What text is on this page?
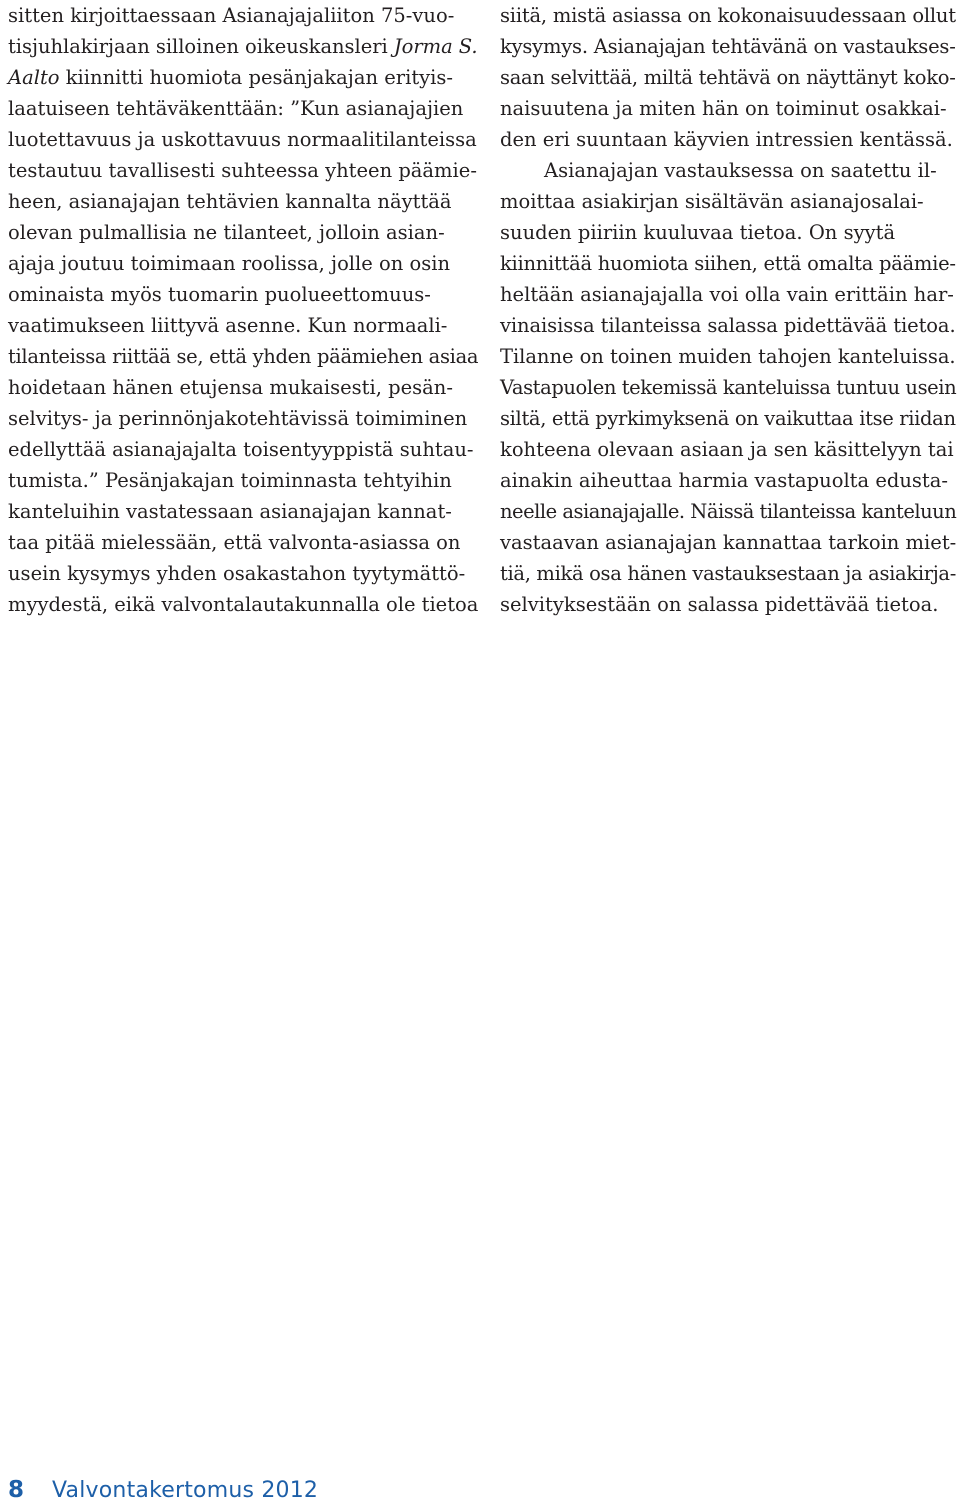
sitten kirjoittaessaan Asianajajaliiton 75-vuo-
tisjuhlakirjaan silloinen oikeuskansleri Jorma S.
Aalto kiinnitti huomiota pesänjakajan erityis-
laatuiseen tehtäväkenttään: ”Kun asianajajien
luotettavuus ja uskottavuus normaalitilanteissa
testautuu tavallisesti suhteessa yhteen päämie-
heen, asianajajan tehtävien kannalta näyttää
olevan pulmallisia ne tilanteet, jolloin asian-
ajaja joutuu toimimaan roolissa, jolle on osin
ominaista myös tuomarin puolueettomuus-
vaatimukseen liittyvä asenne. Kun normaali-
tilanteissa riittää se, että yhden päämiehen asiaa
hoidetaan hänen etujensa mukaisesti, pesän-
selvitys- ja perinnönjakotehtävissä toimiminen
edellyttää asianajajalta toisentyyppistä suhtau-
tumista.” Pesänjakajan toiminnasta tehtyihin
kanteluihin vastatessaan asianajajan kannat-
taa pitää mielessään, että valvonta-asiassa on
usein kysymys yhden osakastahon tyytymättö-
myydestä, eikä valvontalautakunnalla ole tietoa
siitä, mistä asiassa on kokonaisuudessaan ollut
kysymys. Asianajajan tehtävänä on vastaukses-
saan selvittää, miltä tehtävä on näyttänyt koko-
naisuutena ja miten hän on toiminut osakkai-
den eri suuntaan käyvien intressien kentässä.
Asianajajan vastauksessa on saatettu il-
moittaa asiakirjan sisältävän asianajosalai-
suuden piiriin kuuluvaa tietoa. On syytä
kiinnittää huomiota siihen, että omalta päämie-
heltään asianajajalla voi olla vain erittäin har-
vinaisissa tilanteissa salassa pidettävää tietoa.
Tilanne on toinen muiden tahojen kanteluissa.
Vastapuolen tekemissä kanteluissa tuntuu usein
siltä, että pyrkimyksenä on vaikuttaa itse riidan
kohteena olevaan asiaan ja sen käsittelyyn tai
ainakin aiheuttaa harmia vastapuolta edusta-
neelle asianajajalle. Näissä tilanteissa kanteluun
vastaavan asianajajan kannattaa tarkoin miet-
tiä, mikä osa hänen vastauksestaan ja asiakirja-
selvityksestään on salassa pidettävää tietoa.
8 Valvontakertomus 2012
